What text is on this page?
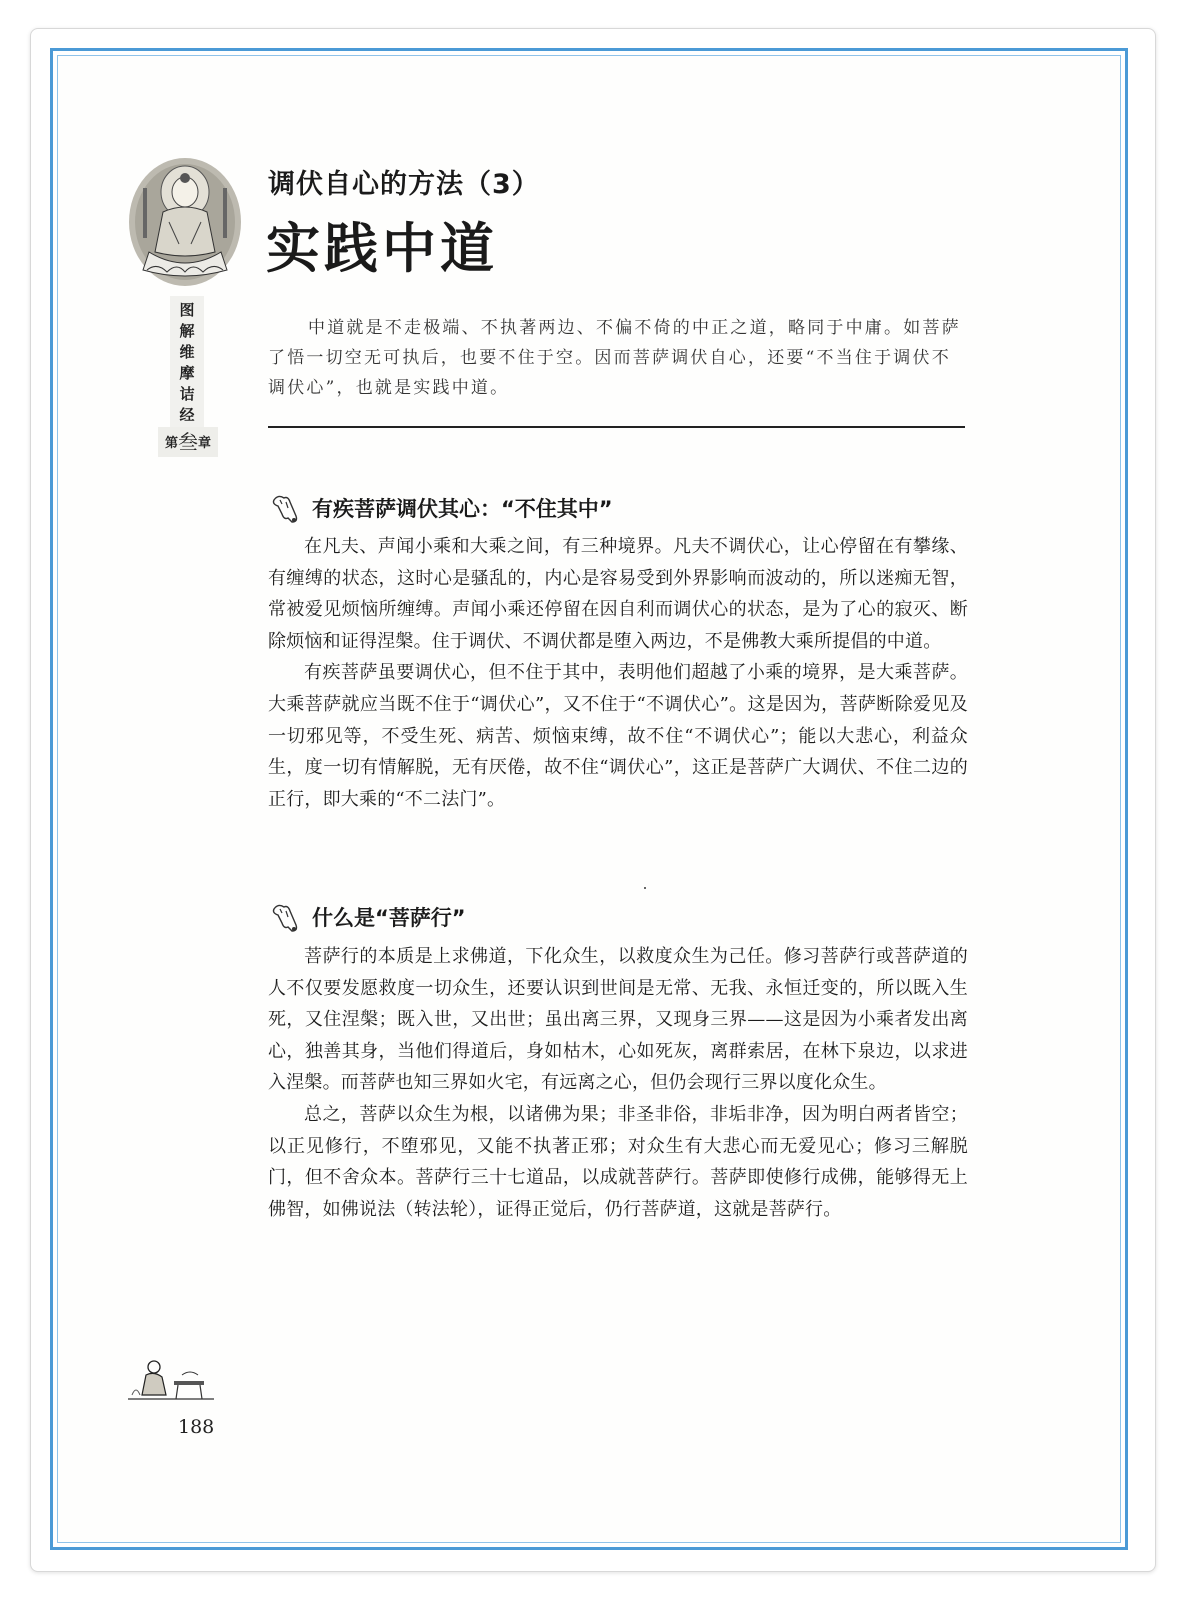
图
解
维
摩
诘
经
第叁章
调伏自心的方法（3）
实践中道

中道就是不走极端、不执著两边、不偏不倚的中正之道，略同于中庸。如菩萨了悟一切空无可执后，也要不住于空。因而菩萨调伏自心，还要“不当住于调伏不调伏心”，也就是实践中道。

有疾菩萨调伏其心：“不住其中”

在凡夫、声闻小乘和大乘之间，有三种境界。凡夫不调伏心，让心停留在有攀缘、有缠缚的状态，这时心是骚乱的，内心是容易受到外界影响而波动的，所以迷痴无智，常被爱见烦恼所缠缚。声闻小乘还停留在因自利而调伏心的状态，是为了心的寂灭、断除烦恼和证得涅槃。住于调伏、不调伏都是堕入两边，不是佛教大乘所提倡的中道。

有疾菩萨虽要调伏心，但不住于其中，表明他们超越了小乘的境界，是大乘菩萨。大乘菩萨就应当既不住于“调伏心”，又不住于“不调伏心”。这是因为，菩萨断除爱见及一切邪见等，不受生死、病苦、烦恼束缚，故不住“不调伏心”；能以大悲心，利益众生，度一切有情解脱，无有厌倦，故不住“调伏心”，这正是菩萨广大调伏、不住二边的正行，即大乘的“不二法门”。

什么是“菩萨行”

菩萨行的本质是上求佛道，下化众生，以救度众生为己任。修习菩萨行或菩萨道的人不仅要发愿救度一切众生，还要认识到世间是无常、无我、永恒迁变的，所以既入生死，又住涅槃；既入世，又出世；虽出离三界，又现身三界——这是因为小乘者发出离心，独善其身，当他们得道后，身如枯木，心如死灰，离群索居，在林下泉边，以求进入涅槃。而菩萨也知三界如火宅，有远离之心，但仍会现行三界以度化众生。

总之，菩萨以众生为根，以诸佛为果；非圣非俗，非垢非净，因为明白两者皆空；以正见修行，不堕邪见，又能不执著正邪；对众生有大悲心而无爱见心；修习三解脱门，但不舍众本。菩萨行三十七道品，以成就菩萨行。菩萨即使修行成佛，能够得无上佛智，如佛说法（转法轮），证得正觉后，仍行菩萨道，这就是菩萨行。

188
